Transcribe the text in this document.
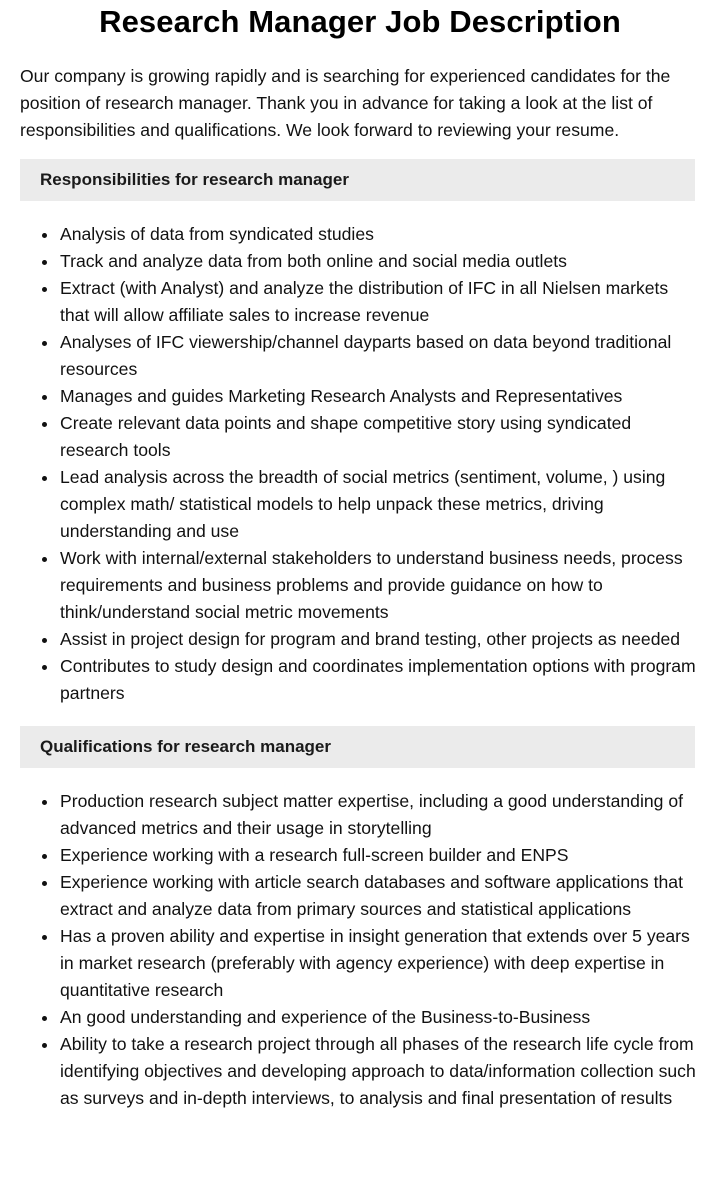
Research Manager Job Description

Our company is growing rapidly and is searching for experienced candidates for the position of research manager. Thank you in advance for taking a look at the list of responsibilities and qualifications. We look forward to reviewing your resume.

Responsibilities for research manager
Analysis of data from syndicated studies
Track and analyze data from both online and social media outlets
Extract (with Analyst) and analyze the distribution of IFC in all Nielsen markets that will allow affiliate sales to increase revenue
Analyses of IFC viewership/channel dayparts based on data beyond traditional resources
Manages and guides Marketing Research Analysts and Representatives
Create relevant data points and shape competitive story using syndicated research tools
Lead analysis across the breadth of social metrics (sentiment, volume, ) using complex math/ statistical models to help unpack these metrics, driving understanding and use
Work with internal/external stakeholders to understand business needs, process requirements and business problems and provide guidance on how to think/understand social metric movements
Assist in project design for program and brand testing, other projects as needed
Contributes to study design and coordinates implementation options with program partners
Qualifications for research manager
Production research subject matter expertise, including a good understanding of advanced metrics and their usage in storytelling
Experience working with a research full-screen builder and ENPS
Experience working with article search databases and software applications that extract and analyze data from primary sources and statistical applications
Has a proven ability and expertise in insight generation that extends over 5 years in market research (preferably with agency experience) with deep expertise in quantitative research
An good understanding and experience of the Business-to-Business
Ability to take a research project through all phases of the research life cycle from identifying objectives and developing approach to data/information collection such as surveys and in-depth interviews, to analysis and final presentation of results
